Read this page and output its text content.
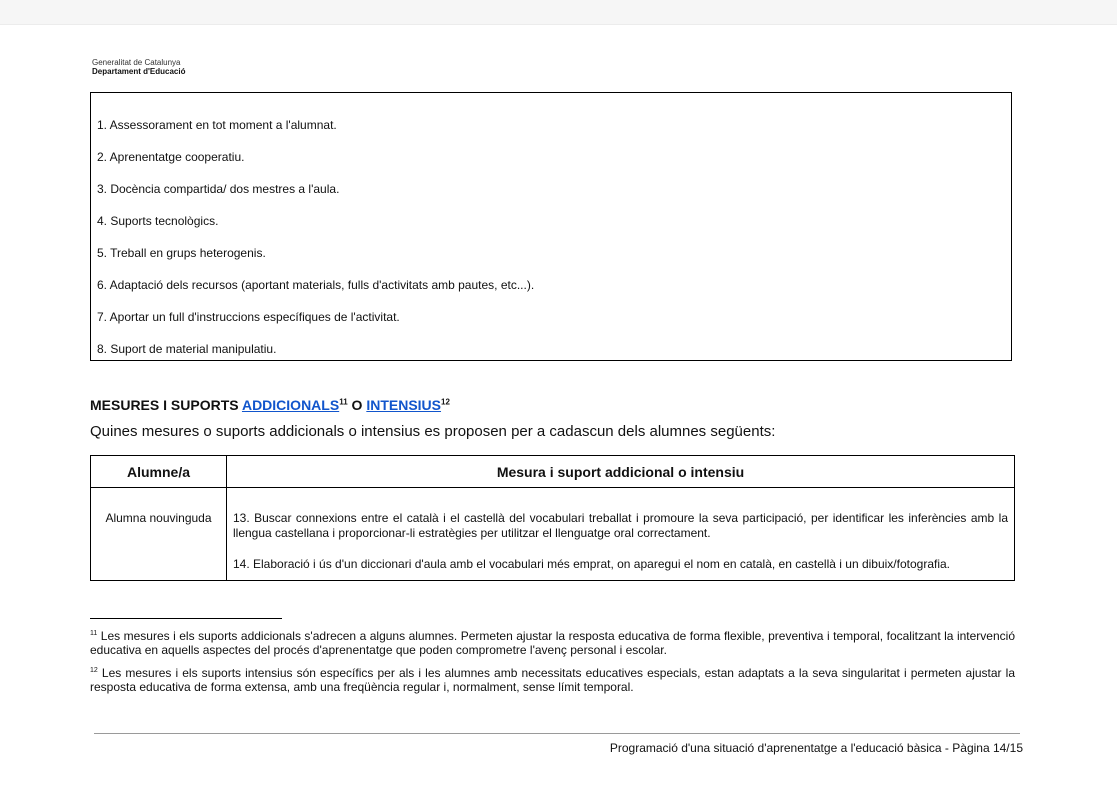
Generalitat de Catalunya
Departament d'Educació
1. Assessorament en tot moment a l'alumnat.
2. Aprenentatge cooperatiu.
3. Docència compartida/ dos mestres a l'aula.
4. Suports tecnològics.
5. Treball en grups heterogenis.
6. Adaptació dels recursos (aportant materials, fulls d'activitats amb pautes, etc...).
7. Aportar un full d'instruccions específiques de l'activitat.
8. Suport de material manipulatiu.
MESURES I SUPORTS ADDICIONALS$^{11}$ O INTENSIUS$^{12}$
Quines mesures o suports addicionals o intensius es proposen per a cadascun dels alumnes següents:
Alumne/a	Mesura i suport addicional o intensiu
Alumna nouvinguda	13. Buscar connexions entre el català i el castellà del vocabulari treballat i promoure la seva participació, per identificar les inferències amb la llengua castellana i proporcionar-li estratègies per utilitzar el llenguatge oral correctament.

14. Elaboració i ús d'un diccionari d'aula amb el vocabulari més emprat, on aparegui el nom en català, en castellà i un dibuix/fotografia.

$^{11}$ Les mesures i els suports addicionals s'adrecen a alguns alumnes. Permeten ajustar la resposta educativa de forma flexible, preventiva i temporal, focalitzant la intervenció educativa en aquells aspectes del procés d'aprenentatge que poden comprometre l'avenç personal i escolar.
$^{12}$ Les mesures i els suports intensius són específics per als i les alumnes amb necessitats educatives especials, estan adaptats a la seva singularitat i permeten ajustar la resposta educativa de forma extensa, amb una freqüència regular i, normalment, sense límit temporal.
Programació d'una situació d'aprenentatge a l'educació bàsica - Pàgina 14/15
